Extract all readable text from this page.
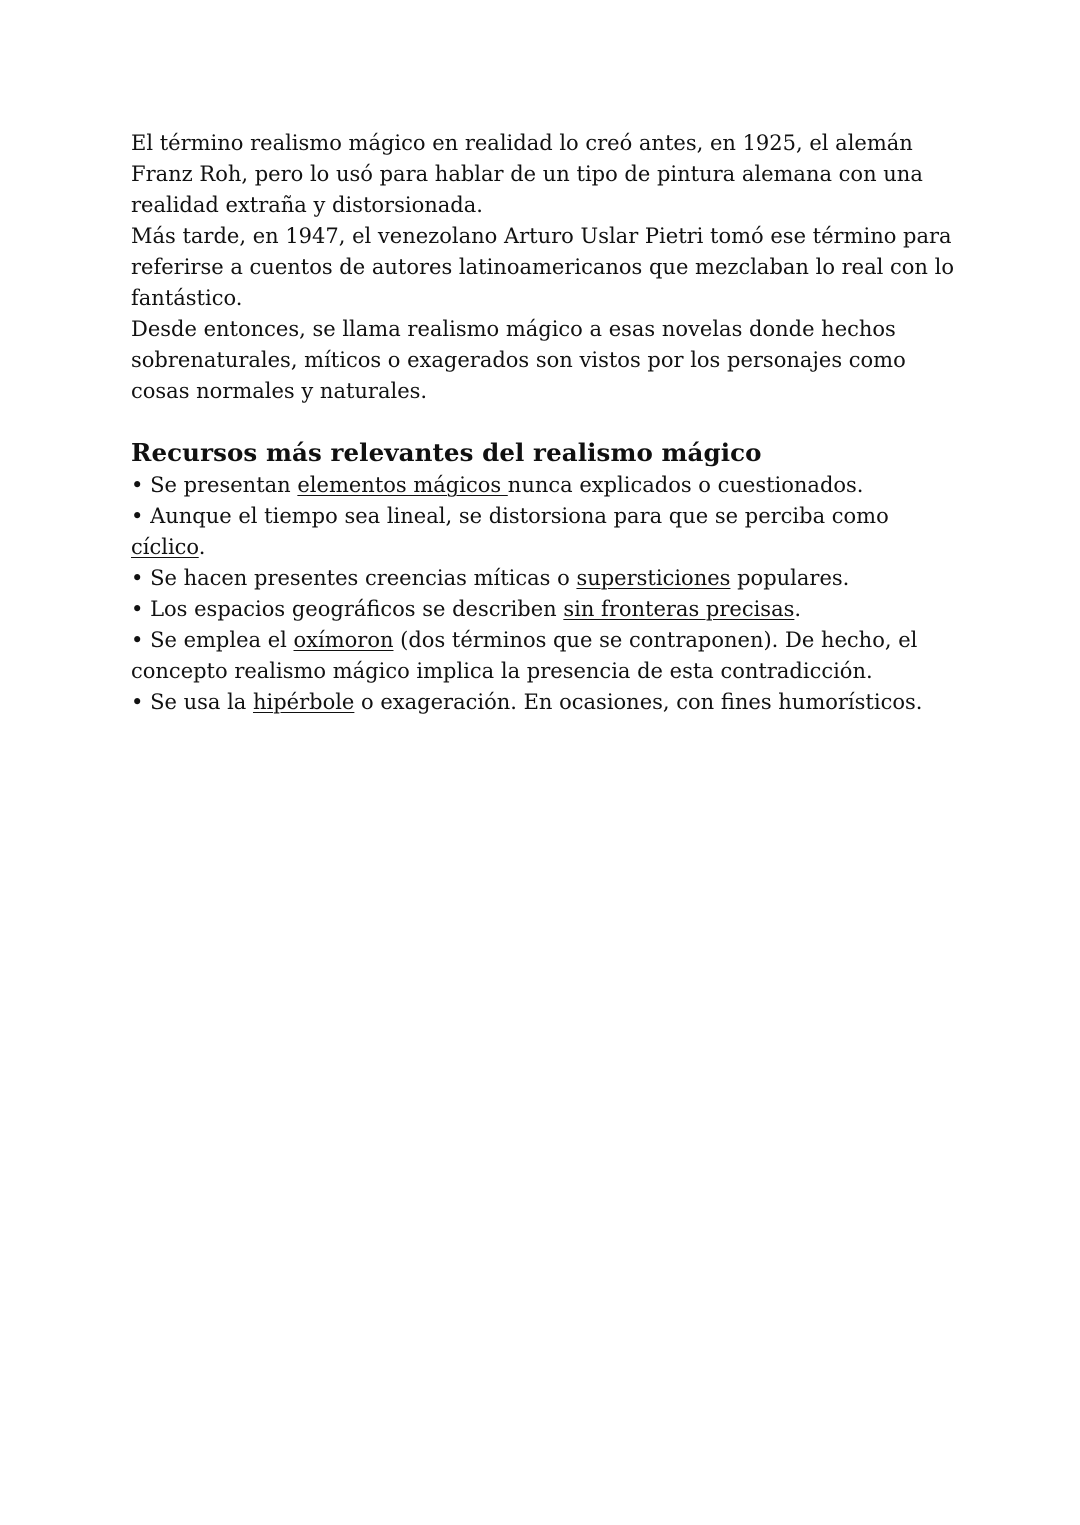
El término realismo mágico en realidad lo creó antes, en 1925, el alemán Franz Roh, pero lo usó para hablar de un tipo de pintura alemana con una realidad extraña y distorsionada.

Más tarde, en 1947, el venezolano Arturo Uslar Pietri tomó ese término para referirse a cuentos de autores latinoamericanos que mezclaban lo real con lo fantástico.

Desde entonces, se llama realismo mágico a esas novelas donde hechos sobrenaturales, míticos o exagerados son vistos por los personajes como cosas normales y naturales.

Recursos más relevantes del realismo mágico
• Se presentan elementos mágicos nunca explicados o cuestionados.
• Aunque el tiempo sea lineal, se distorsiona para que se perciba como cíclico.
• Se hacen presentes creencias míticas o supersticiones populares.
• Los espacios geográficos se describen sin fronteras precisas.
• Se emplea el oxímoron (dos términos que se contraponen). De hecho, el concepto realismo mágico implica la presencia de esta contradicción.
• Se usa la hipérbole o exageración. En ocasiones, con fines humorísticos.
